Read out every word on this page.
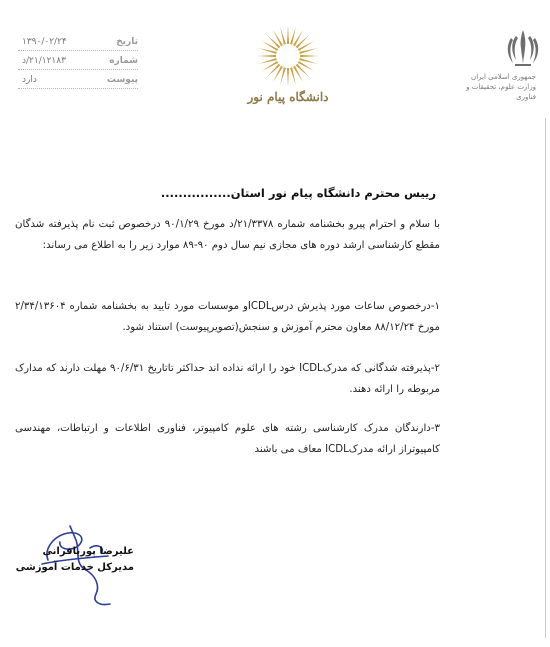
تاریخ
۱۳۹۰/۰۲/۲۴
شماره
۲۱/۱۲۱۸۳/د
پیوست
دارد
دانشگاه پیام نور
جمهوری اسلامی ایران
وزارت علوم، تحقیقات و فناوری
رییس محترم دانشگاه پیام نور استان................
با سلام و احترام پیرو بخشنامه شماره ۲۱/۳۳۷۸/د مورخ ۹۰/۱/۲۹ درخصوص ثبت نام پذیرفته شدگان مقطع کارشناسی ارشد دوره های مجازی نیم سال دوم ۹۰-۸۹ موارد زیر را به اطلاع می رساند:
۱-درخصوص ساعات مورد پذیرش درسICDLو موسسات مورد تایید به بخشنامه شماره ۲/۳۴/۱۳۶۰۴ مورخ ۸۸/۱۲/۲۴ معاون محترم آموزش و سنجش(تصویرپیوست) استناد شود.
۲-پذیرفته شدگانی که مدرکICDL خود را ارائه نداده اند حداکثر تاتاریخ ۹۰/۶/۳۱ مهلت دارند که مدارک مربوطه را ارائه دهند.
۳-دارندگان مدرک کارشناسی رشته های علوم کامپیوتر، فناوری اطلاعات و ارتباطات، مهندسی کامپیوتراز ارائه مدرکICDL معاف می باشند
علیرضا پوربافرانی
مدیرکل خدمات آموزشی
